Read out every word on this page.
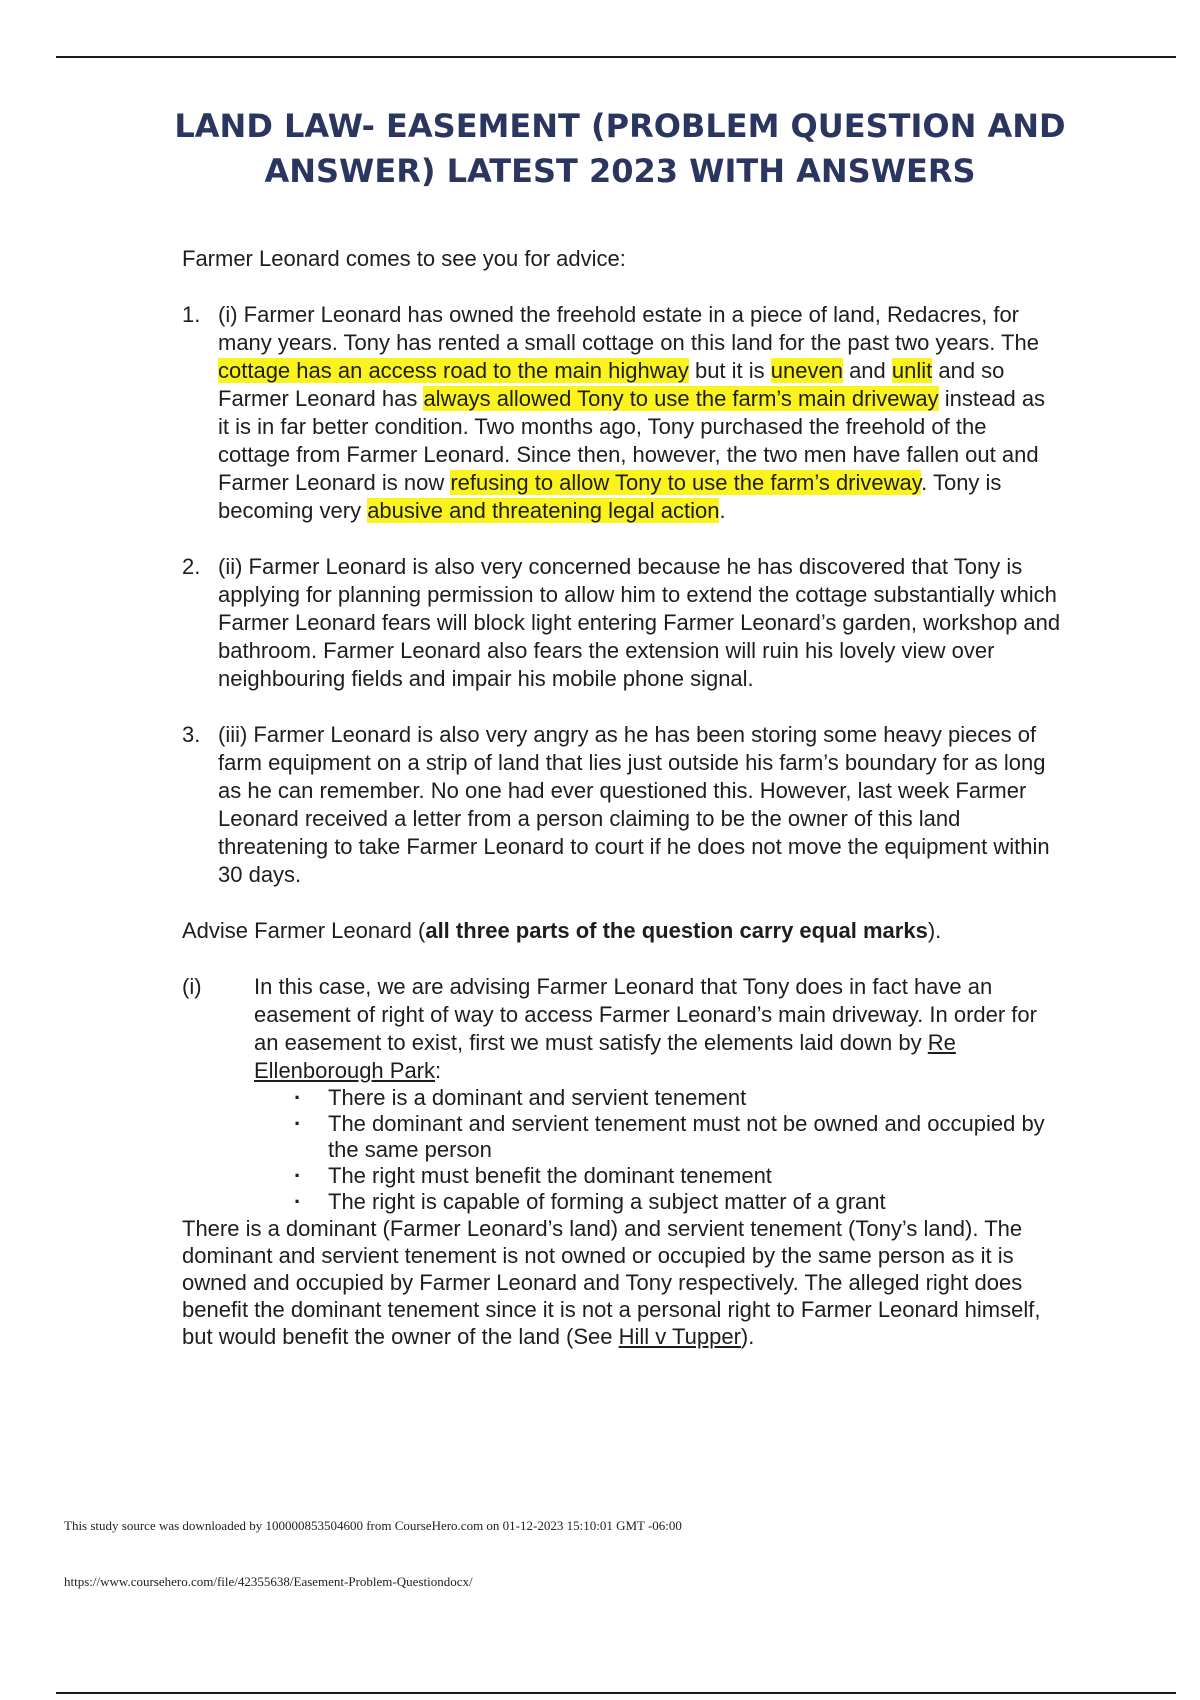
LAND LAW- EASEMENT (PROBLEM QUESTION AND
ANSWER) LATEST 2023 WITH ANSWERS

Farmer Leonard comes to see you for advice:

1. (i) Farmer Leonard has owned the freehold estate in a piece of land, Redacres, for many years. Tony has rented a small cottage on this land for the past two years. The cottage has an access road to the main highway but it is uneven and unlit and so Farmer Leonard has always allowed Tony to use the farm’s main driveway instead as it is in far better condition. Two months ago, Tony purchased the freehold of the cottage from Farmer Leonard. Since then, however, the two men have fallen out and Farmer Leonard is now refusing to allow Tony to use the farm’s driveway. Tony is becoming very abusive and threatening legal action.

2. (ii) Farmer Leonard is also very concerned because he has discovered that Tony is applying for planning permission to allow him to extend the cottage substantially which Farmer Leonard fears will block light entering Farmer Leonard’s garden, workshop and bathroom. Farmer Leonard also fears the extension will ruin his lovely view over neighbouring fields and impair his mobile phone signal.

3. (iii) Farmer Leonard is also very angry as he has been storing some heavy pieces of farm equipment on a strip of land that lies just outside his farm’s boundary for as long as he can remember. No one had ever questioned this. However, last week Farmer Leonard received a letter from a person claiming to be the owner of this land threatening to take Farmer Leonard to court if he does not move the equipment within 30 days.

Advise Farmer Leonard (all three parts of the question carry equal marks).

(i)	In this case, we are advising Farmer Leonard that Tony does in fact have an easement of right of way to access Farmer Leonard’s main driveway. In order for an easement to exist, first we must satisfy the elements laid down by Re Ellenborough Park:

· There is a dominant and servient tenement
· The dominant and servient tenement must not be owned and occupied by the same person
· The right must benefit the dominant tenement
· The right is capable of forming a subject matter of a grant

There is a dominant (Farmer Leonard’s land) and servient tenement (Tony’s land). The dominant and servient tenement is not owned or occupied by the same person as it is owned and occupied by Farmer Leonard and Tony respectively. The alleged right does benefit the dominant tenement since it is not a personal right to Farmer Leonard himself, but would benefit the owner of the land (See Hill v Tupper).

This study source was downloaded by 100000853504600 from CourseHero.com on 01-12-2023 15:10:01 GMT -06:00
https://www.coursehero.com/file/42355638/Easement-Problem-Questiondocx/
